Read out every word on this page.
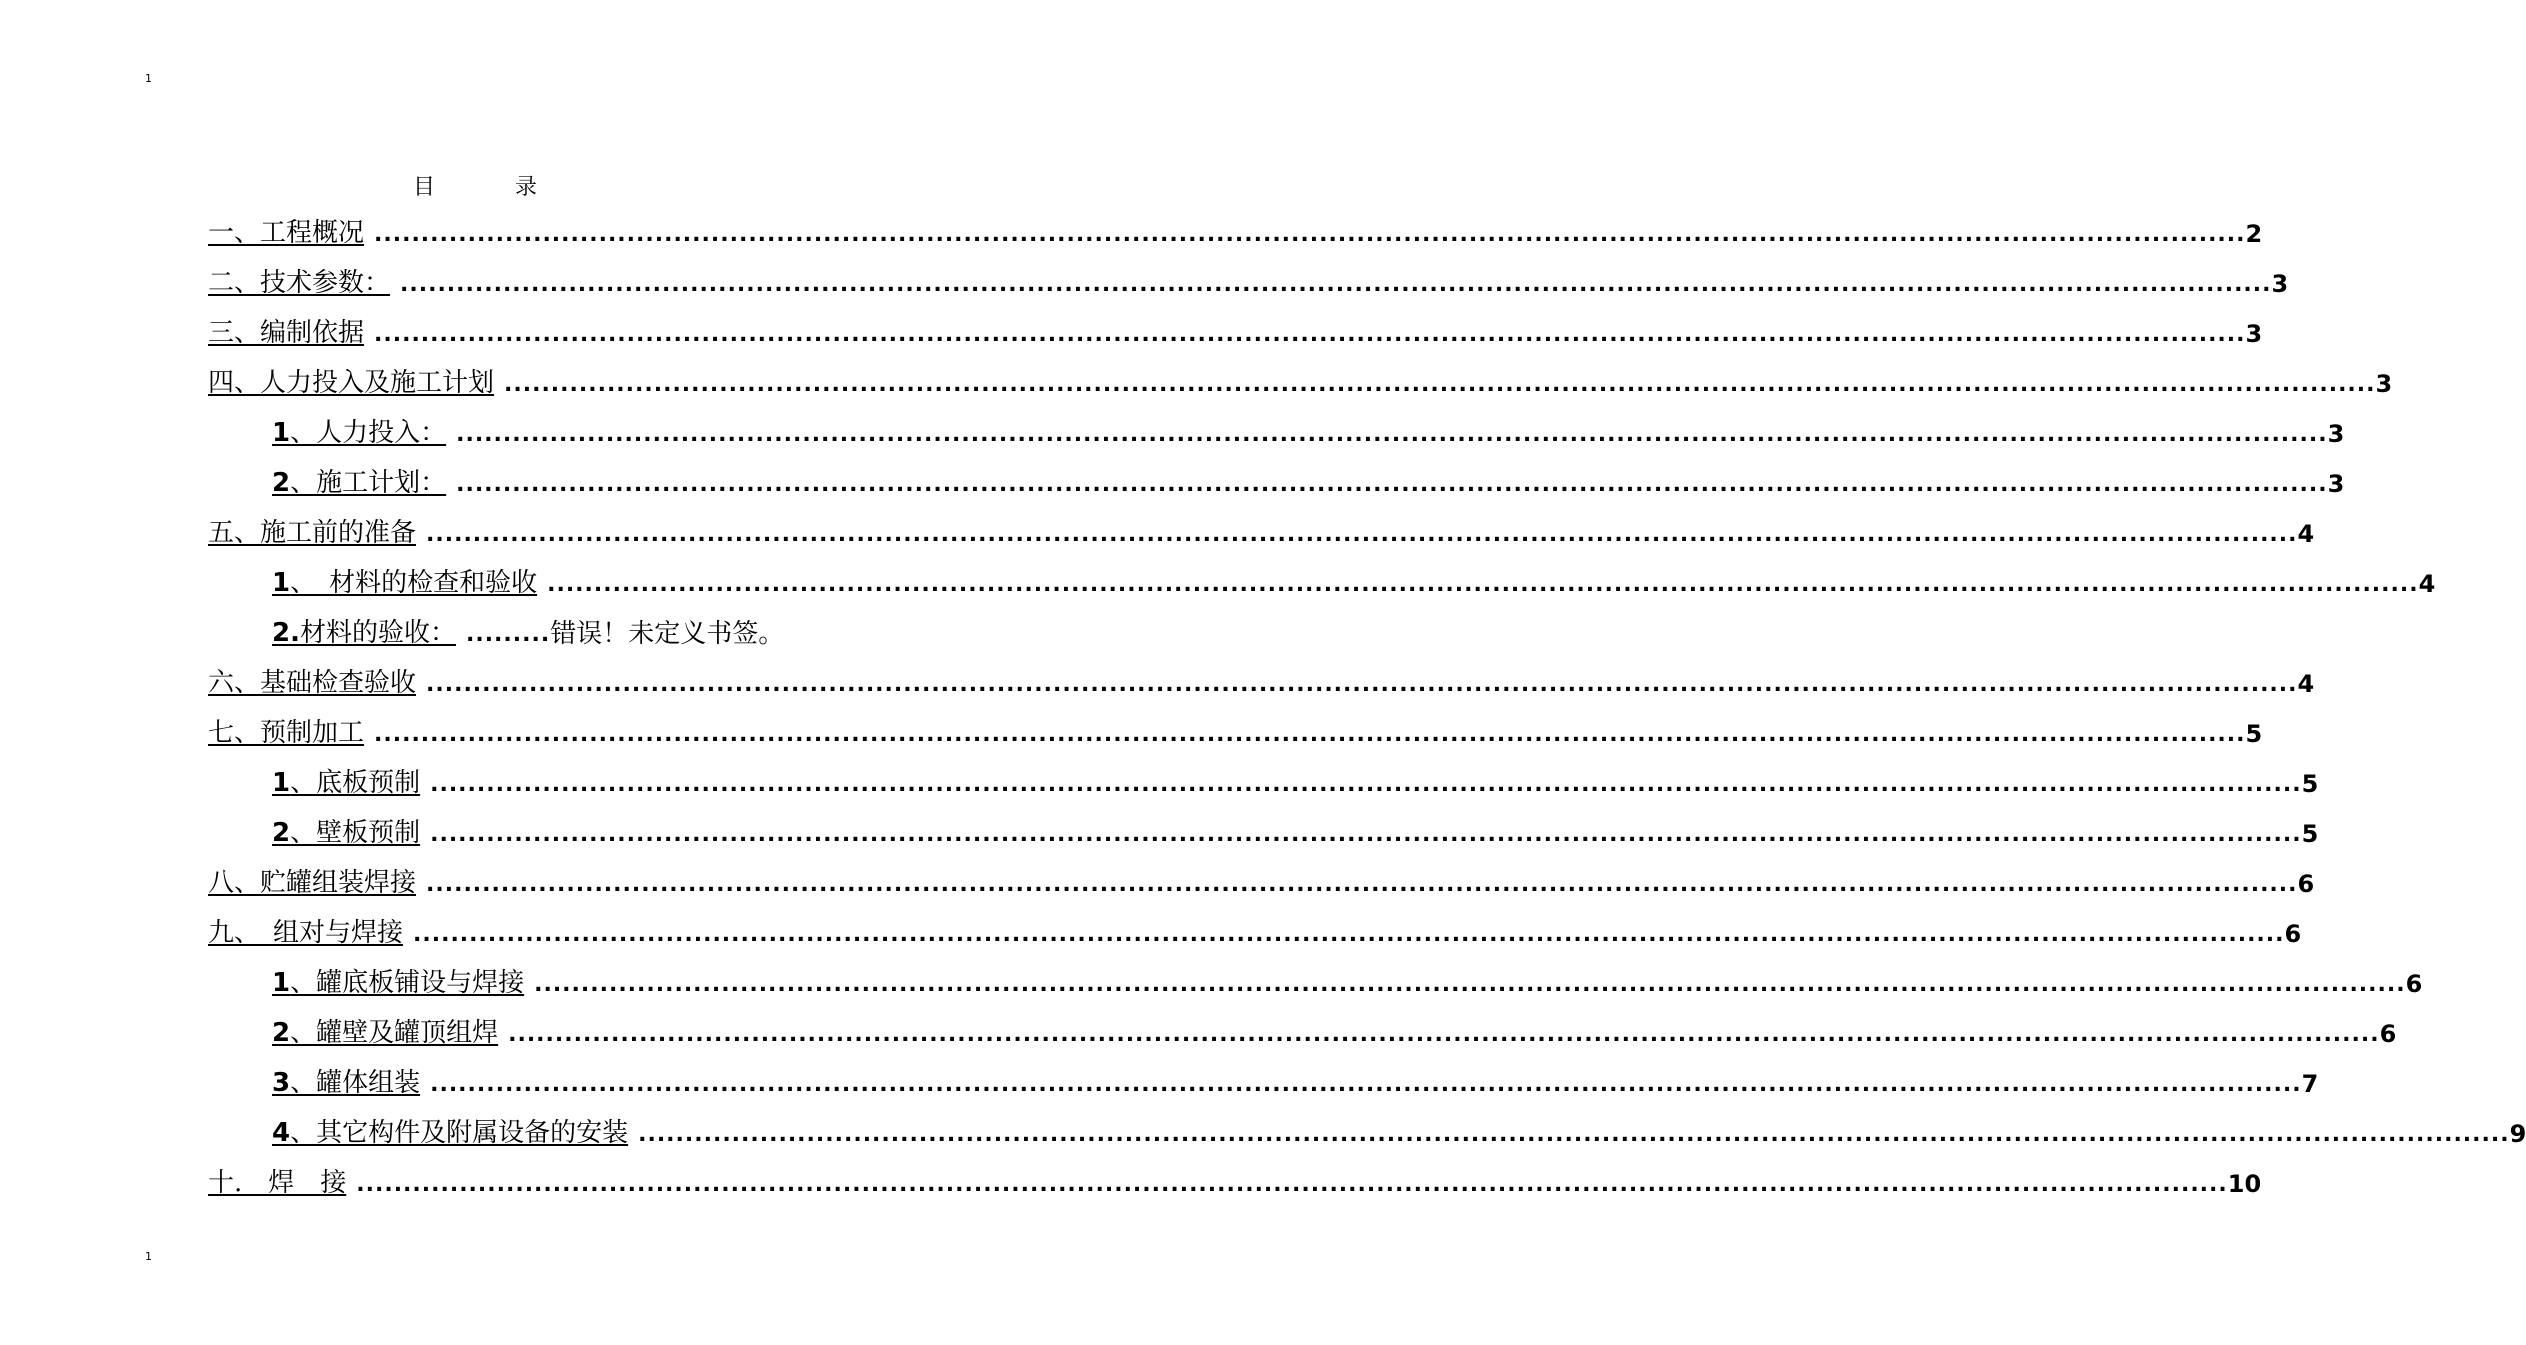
1
目	录
一、工程概况 ........................................................................................................................................................................................................ 2
二、技术参数： ........................................................................................................................................................................................................ 3
三、编制依据 ........................................................................................................................................................................................................ 3
四、人力投入及施工计划 ........................................................................................................................................................................................................ 3
1、人力投入： ........................................................................................................................................................................................................ 3
2、施工计划： ........................................................................................................................................................................................................ 3
五、施工前的准备 ........................................................................................................................................................................................................ 4
1、　材料的检查和验收 ........................................................................................................................................................................................................ 4
2.材料的验收： ......... 错误！未定义书签。
六、基础检查验收 ........................................................................................................................................................................................................ 4
七、预制加工 ........................................................................................................................................................................................................ 5
1、底板预制 ........................................................................................................................................................................................................ 5
2、壁板预制 ........................................................................................................................................................................................................ 5
八、贮罐组装焊接 ........................................................................................................................................................................................................ 6
九、　组对与焊接 ........................................................................................................................................................................................................ 6
1、罐底板铺设与焊接 ........................................................................................................................................................................................................ 6
2、罐壁及罐顶组焊 ........................................................................................................................................................................................................ 6
3、罐体组装 ........................................................................................................................................................................................................ 7
4、其它构件及附属设备的安装 ........................................................................................................................................................................................................ 9
十.　焊　接 ........................................................................................................................................................................................................ 10
1
